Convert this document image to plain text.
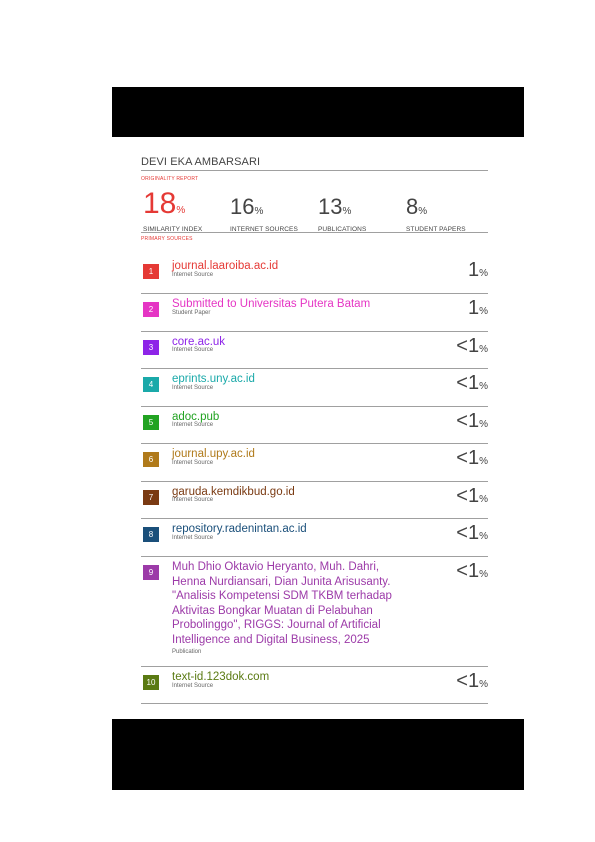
DEVI EKA AMBARSARI
ORIGINALITY REPORT
18%
SIMILARITY INDEX
16%
INTERNET SOURCES
13%
PUBLICATIONS
8%
STUDENT PAPERS
PRIMARY SOURCES
1	journal.laaroiba.ac.id
Internet Source	1%
2	Submitted to Universitas Putera Batam
Student Paper	1%
3	core.ac.uk
Internet Source	<1%
4	eprints.uny.ac.id
Internet Source	<1%
5	adoc.pub
Internet Source	<1%
6	journal.upy.ac.id
Internet Source	<1%
7	garuda.kemdikbud.go.id
Internet Source	<1%
8	repository.radenintan.ac.id
Internet Source	<1%
9	Muh Dhio Oktavio Heryanto, Muh. Dahri,
Henna Nurdiansari, Dian Junita Arisusanty.
"Analisis Kompetensi SDM TKBM terhadap
Aktivitas Bongkar Muatan di Pelabuhan
Probolinggo", RIGGS: Journal of Artificial
Intelligence and Digital Business, 2025
Publication
<1%
10	text-id.123dok.com
Internet Source	<1%
